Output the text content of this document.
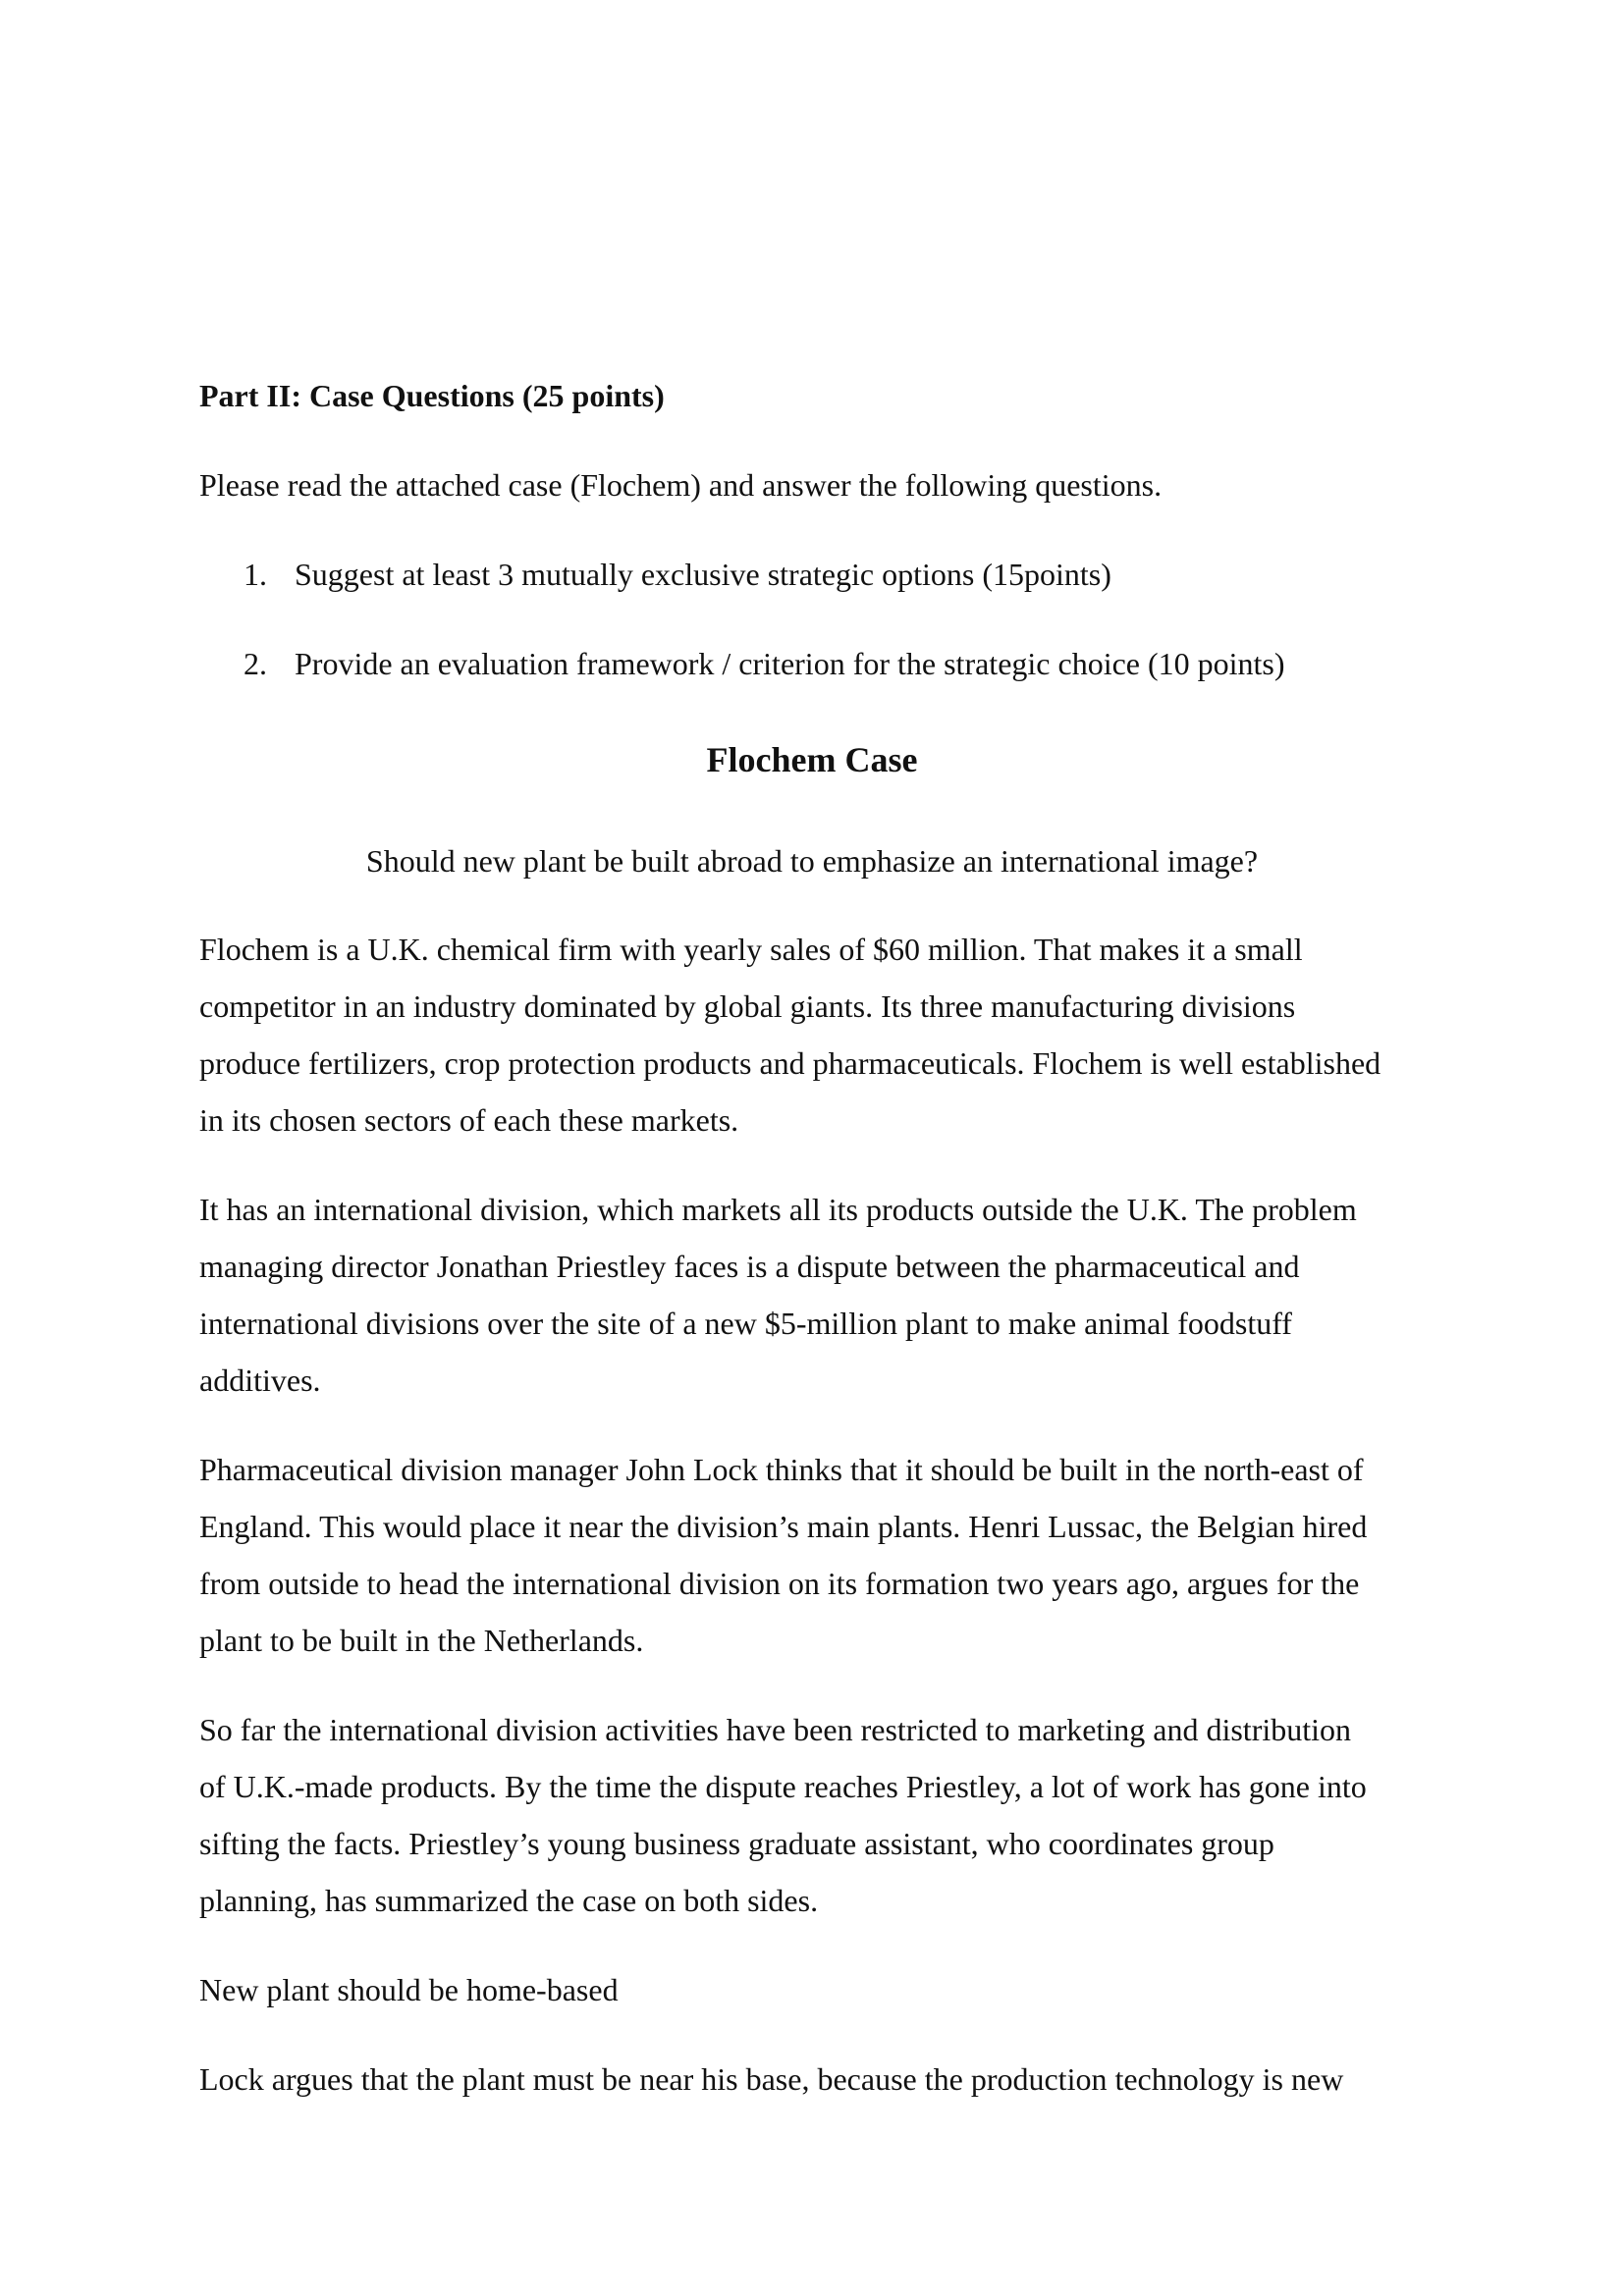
Part II: Case Questions (25 points)
Please read the attached case (Flochem) and answer the following questions.
1. Suggest at least 3 mutually exclusive strategic options (15points)
2. Provide an evaluation framework / criterion for the strategic choice (10 points)
Flochem Case
Should new plant be built abroad to emphasize an international image?
Flochem is a U.K. chemical firm with yearly sales of $60 million. That makes it a small
competitor in an industry dominated by global giants. Its three manufacturing divisions
produce fertilizers, crop protection products and pharmaceuticals. Flochem is well established
in its chosen sectors of each these markets.
It has an international division, which markets all its products outside the U.K. The problem
managing director Jonathan Priestley faces is a dispute between the pharmaceutical and
international divisions over the site of a new $5-million plant to make animal foodstuff
additives.
Pharmaceutical division manager John Lock thinks that it should be built in the north-east of
England. This would place it near the division’s main plants. Henri Lussac, the Belgian hired
from outside to head the international division on its formation two years ago, argues for the
plant to be built in the Netherlands.
So far the international division activities have been restricted to marketing and distribution
of U.K.-made products. By the time the dispute reaches Priestley, a lot of work has gone into
sifting the facts. Priestley’s young business graduate assistant, who coordinates group
planning, has summarized the case on both sides.
New plant should be home-based
Lock argues that the plant must be near his base, because the production technology is new
